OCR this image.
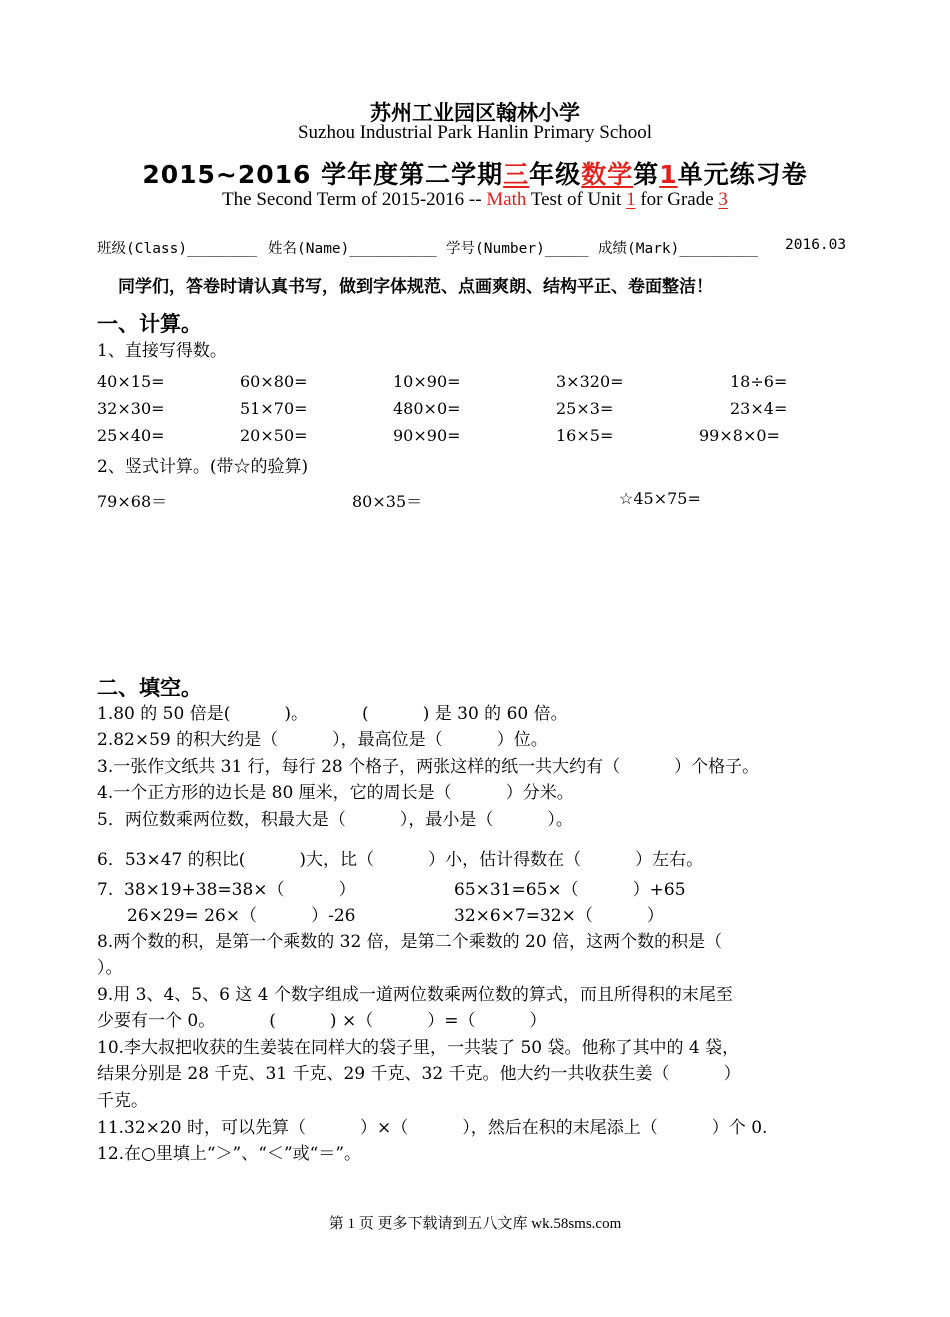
苏州工业园区翰林小学
Suzhou Industrial Park Hanlin Primary School
2015~2016 学年度第二学期三年级数学第1单元练习卷
The Second Term of 2015-2016 -- Math Test of Unit 1 for Grade 3
班级(Class)________ 姓名(Name)__________ 学号(Number)_____ 成绩(Mark)_________ 2016.03
同学们，答卷时请认真书写，做到字体规范、点画爽朗、结构平正、卷面整洁！
一、计算。
1、直接写得数。
40×15=	60×80=	10×90=	3×320=	18÷6=
32×30=	51×70=	480×0=	25×3=	23×4=
25×40=	20×50=	90×90=	16×5=	99×8×0=
2、竖式计算。(带☆的验算)
79×68＝	80×35＝	☆45×75=
二、填空。
1.80 的 50 倍是(          )。          (          ) 是 30 的 60 倍。
2.82×59 的积大约是（          ），最高位是（          ）位。
3.一张作文纸共 31 行，每行 28 个格子，两张这样的纸一共大约有（          ）个格子。
4.一个正方形的边长是 80 厘米，它的周长是（          ）分米。
5．两位数乘两位数，积最大是（          ），最小是（          ）。
6．53×47 的积比(          )大，比（          ）小，估计得数在（          ）左右。
7.  38×19+38=38×（          ）	65×31=65×（          ）+65
26×29= 26×（          ）-26	32×6×7=32×（          ）
8.两个数的积，是第一个乘数的 32 倍，是第二个乘数的 20 倍，这两个数的积是（
）。
9.用 3、4、5、6 这 4 个数字组成一道两位数乘两位数的算式，而且所得积的末尾至
少要有一个 0。          (          ) ×（          ）=（          ）
10.李大叔把收获的生姜装在同样大的袋子里，一共装了 50 袋。他称了其中的 4 袋，
结果分别是 28 千克、31 千克、29 千克、32 千克。他大约一共收获生姜（          ）
千克。
11.32×20 时，可以先算（          ）×（          ），然后在积的末尾添上（          ）个 0.
12.在○里填上“＞”、“＜”或“＝”。
第 1 页 更多下载请到五八文库 wk.58sms.com
